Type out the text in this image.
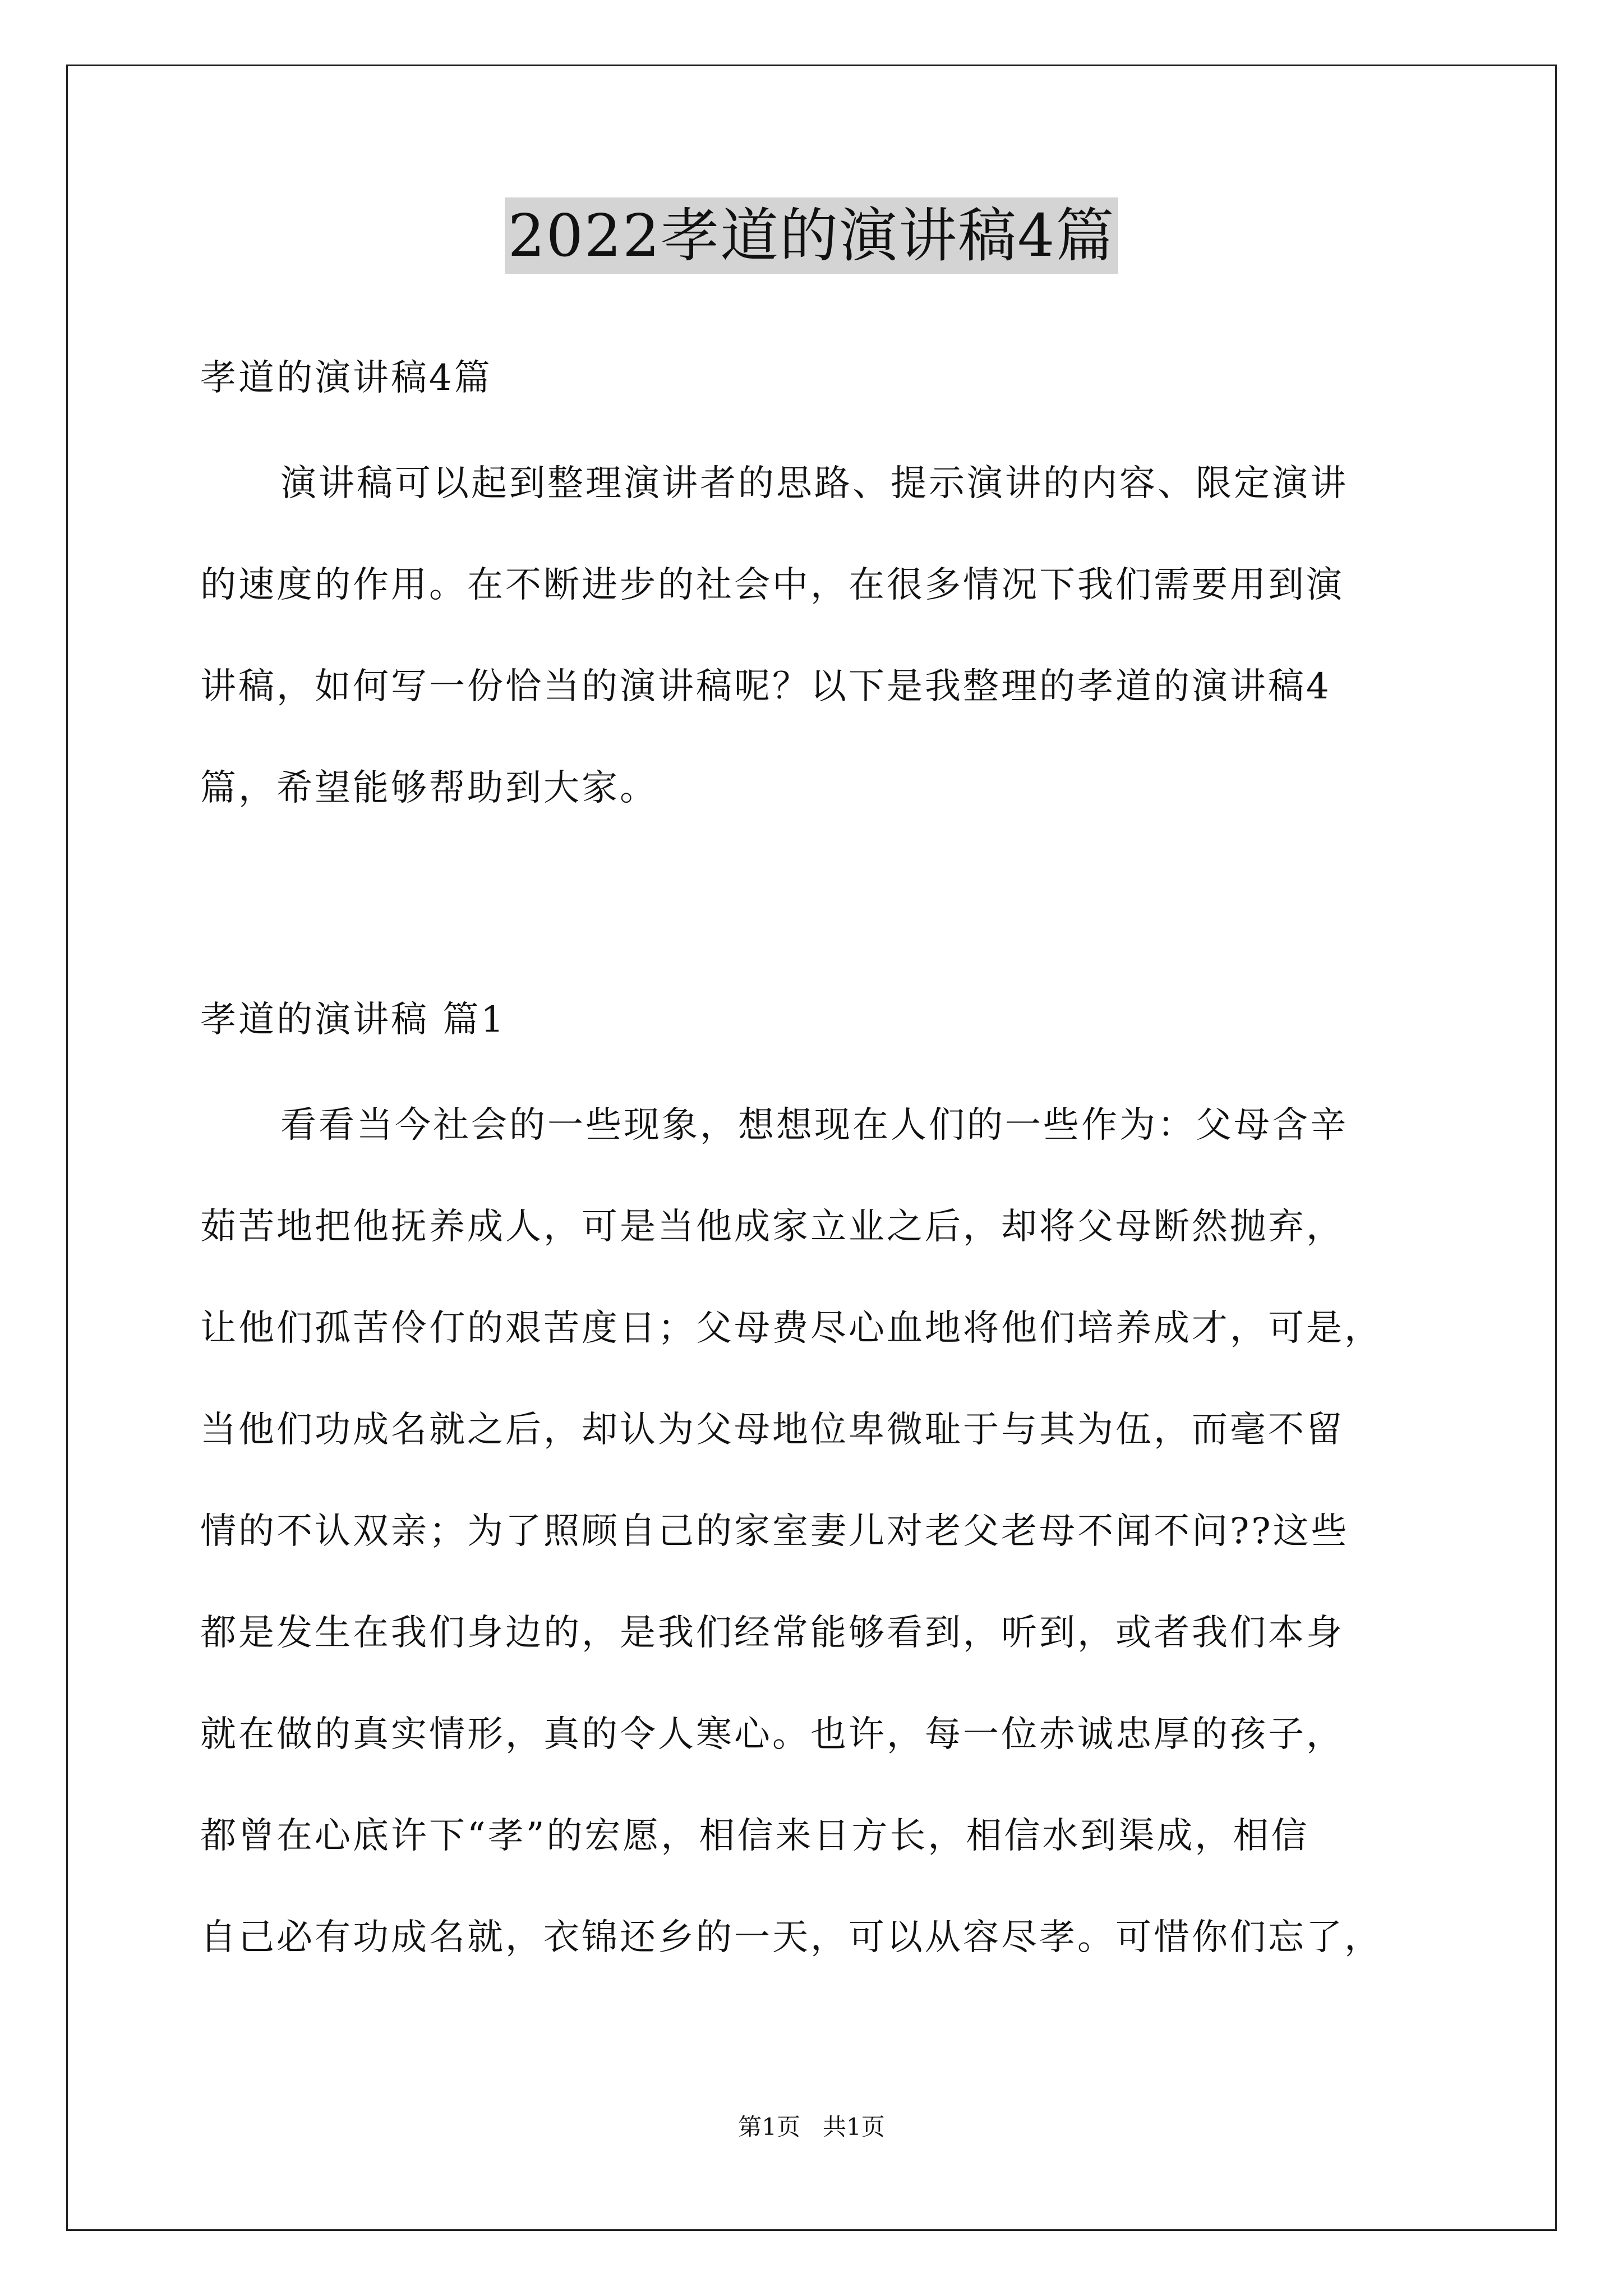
2022孝道的演讲稿4篇
孝道的演讲稿4篇
演讲稿可以起到整理演讲者的思路、提示演讲的内容、限定演讲
的速度的作用。在不断进步的社会中，在很多情况下我们需要用到演
讲稿，如何写一份恰当的演讲稿呢？以下是我整理的孝道的演讲稿4
篇，希望能够帮助到大家。
孝道的演讲稿 篇1
看看当今社会的一些现象，想想现在人们的一些作为：父母含辛
茹苦地把他抚养成人，可是当他成家立业之后，却将父母断然抛弃，
让他们孤苦伶仃的艰苦度日；父母费尽心血地将他们培养成才，可是，
当他们功成名就之后，却认为父母地位卑微耻于与其为伍，而毫不留
情的不认双亲；为了照顾自己的家室妻儿对老父老母不闻不问??这些
都是发生在我们身边的，是我们经常能够看到，听到，或者我们本身
就在做的真实情形，真的令人寒心。也许，每一位赤诚忠厚的孩子，
都曾在心底许下“孝”的宏愿，相信来日方长，相信水到渠成，相信
自己必有功成名就，衣锦还乡的一天，可以从容尽孝。可惜你们忘了，
第1页 共1页
